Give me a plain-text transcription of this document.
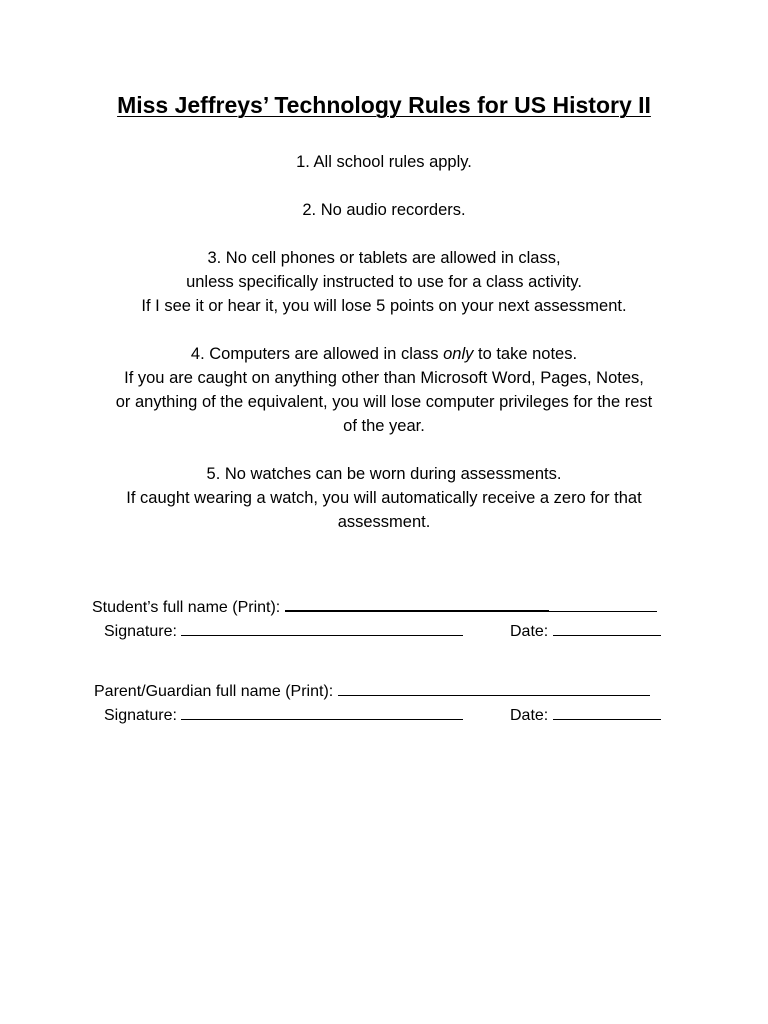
Miss Jeffreys’ Technology Rules for US History II

1. All school rules apply.

2. No audio recorders.

3. No cell phones or tablets are allowed in class,

unless specifically instructed to use for a class activity.

If I see it or hear it, you will lose 5 points on your next assessment.

4. Computers are allowed in class only to take notes.

If you are caught on anything other than Microsoft Word, Pages, Notes,

or anything of the equivalent, you will lose computer privileges for the rest

of the year.

5. No watches can be worn during assessments.

If caught wearing a watch, you will automatically receive a zero for that

assessment.

Student’s full name (Print):
Signature:	Date:
Parent/Guardian full name (Print):
Signature:	Date:
